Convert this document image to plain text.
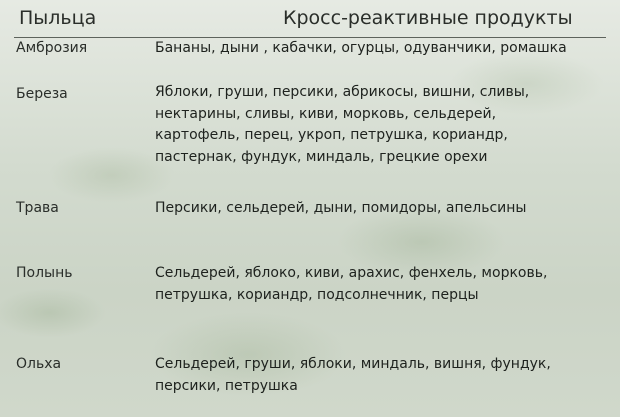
Пыльца	Кросс-реактивные продукты
Амброзия	Бананы, дыни , кабачки, огурцы, одуванчики, ромашка
Береза	Яблоки, груши, персики, абрикосы, вишни, сливы,
нектарины, сливы, киви, морковь, сельдерей,
картофель, перец, укроп, петрушка, кориандр,
пастернак, фундук, миндаль, грецкие орехи
Трава	Персики, сельдерей, дыни, помидоры, апельсины
Полынь	Сельдерей, яблоко, киви, арахис, фенхель, морковь,
петрушка, кориандр, подсолнечник, перцы
Ольха	Сельдерей, груши, яблоки, миндаль, вишня, фундук,
персики, петрушка
